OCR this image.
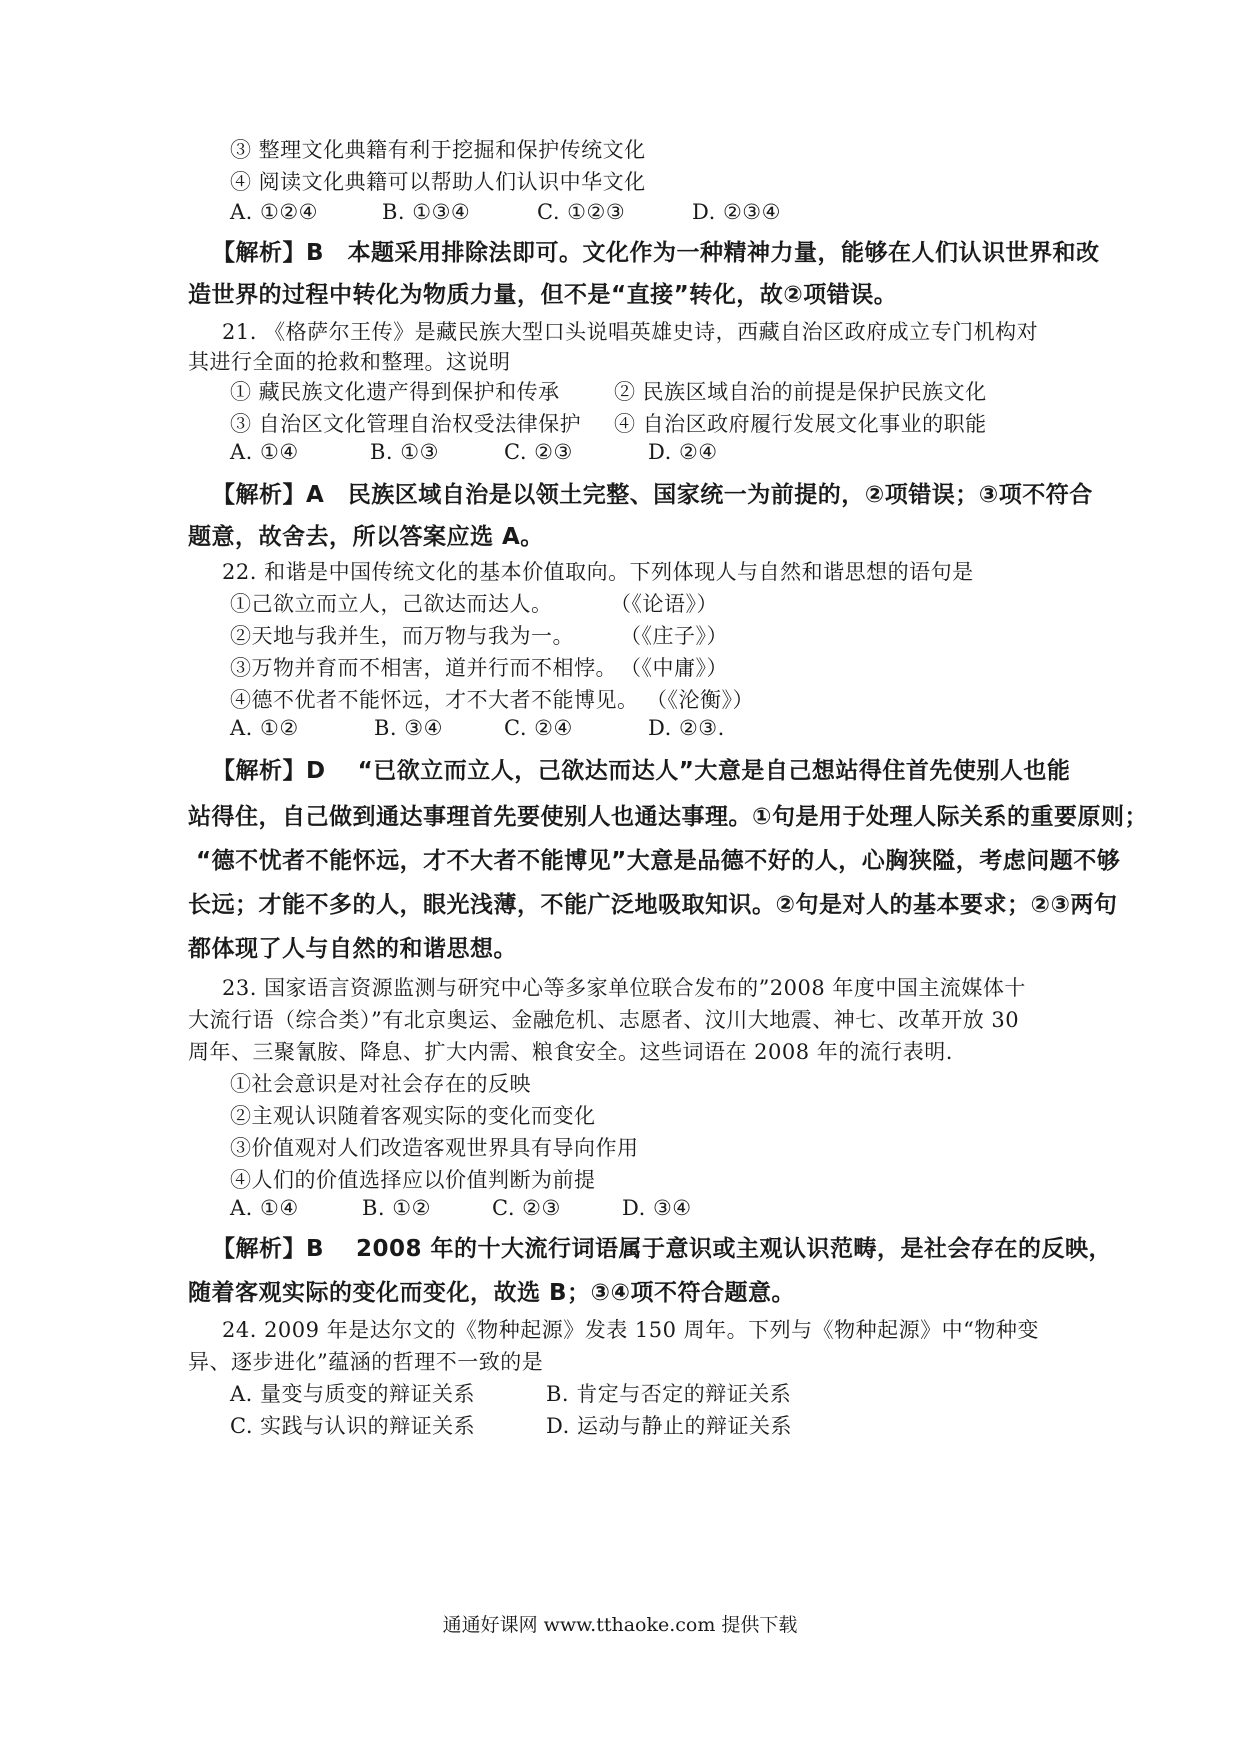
③ 整理文化典籍有利于挖掘和保护传统文化
④ 阅读文化典籍可以帮助人们认识中华文化
A. ①②④	B. ①③④	C. ①②③	D. ②③④
【解析】B　本题采用排除法即可。文化作为一种精神力量，能够在人们认识世界和改
造世界的过程中转化为物质力量，但不是“直接”转化，故②项错误。
21. 《格萨尔王传》是藏民族大型口头说唱英雄史诗，西藏自治区政府成立专门机构对
其进行全面的抢救和整理。这说明
① 藏民族文化遗产得到保护和传承	② 民族区域自治的前提是保护民族文化
③ 自治区文化管理自治权受法律保护 ④ 自治区政府履行发展文化事业的职能
A. ①④	B. ①③	C. ②③	D. ②④
【解析】A　民族区域自治是以领土完整、国家统一为前提的，②项错误；③项不符合
题意，故舍去，所以答案应选 A。
22. 和谐是中国传统文化的基本价值取向。下列体现人与自然和谐思想的语句是
①己欲立而立人，己欲达而达人。	（《论语》）
②天地与我并生，而万物与我为一。 （《庄子》）
③万物并育而不相害，道并行而不相悖。 （《中庸》）
④德不优者不能怀远，才不大者不能博见。 （《沦衡》）
A. ①②	B. ③④	C. ②④	D. ②③.
【解析】D　 “已欲立而立人，己欲达而达人”大意是自己想站得住首先使别人也能
站得住，自己做到通达事理首先要使别人也通达事理。①句是用于处理人际关系的重要原则；
“德不忧者不能怀远，才不大者不能博见”大意是品德不好的人，心胸狭隘，考虑问题不够
长远；才能不多的人，眼光浅薄，不能广泛地吸取知识。②句是对人的基本要求；②③两句
都体现了人与自然的和谐思想。
23. 国家语言资源监测与研究中心等多家单位联合发布的”2008 年度中国主流媒体十
大流行语（综合类）”有北京奥运、金融危机、志愿者、汶川大地震、神七、改革开放 30
周年、三聚氰胺、降息、扩大内需、粮食安全。这些词语在 2008 年的流行表明.
①社会意识是对社会存在的反映
②主观认识随着客观实际的变化而变化
③价值观对人们改造客观世界具有导向作用
④人们的价值选择应以价值判断为前提
A. ①④	B. ①②	C. ②③	D. ③④
【解析】B　 2008 年的十大流行词语属于意识或主观认识范畴，是社会存在的反映，
随着客观实际的变化而变化，故选 B；③④项不符合题意。
24. 2009 年是达尔文的《物种起源》发表 150 周年。下列与《物种起源》中“物种变
异、逐步进化”蕴涵的哲理不一致的是
A. 量变与质变的辩证关系	B. 肯定与否定的辩证关系
C. 实践与认识的辩证关系	D. 运动与静止的辩证关系
通通好课网 www.tthaoke.com 提供下载
